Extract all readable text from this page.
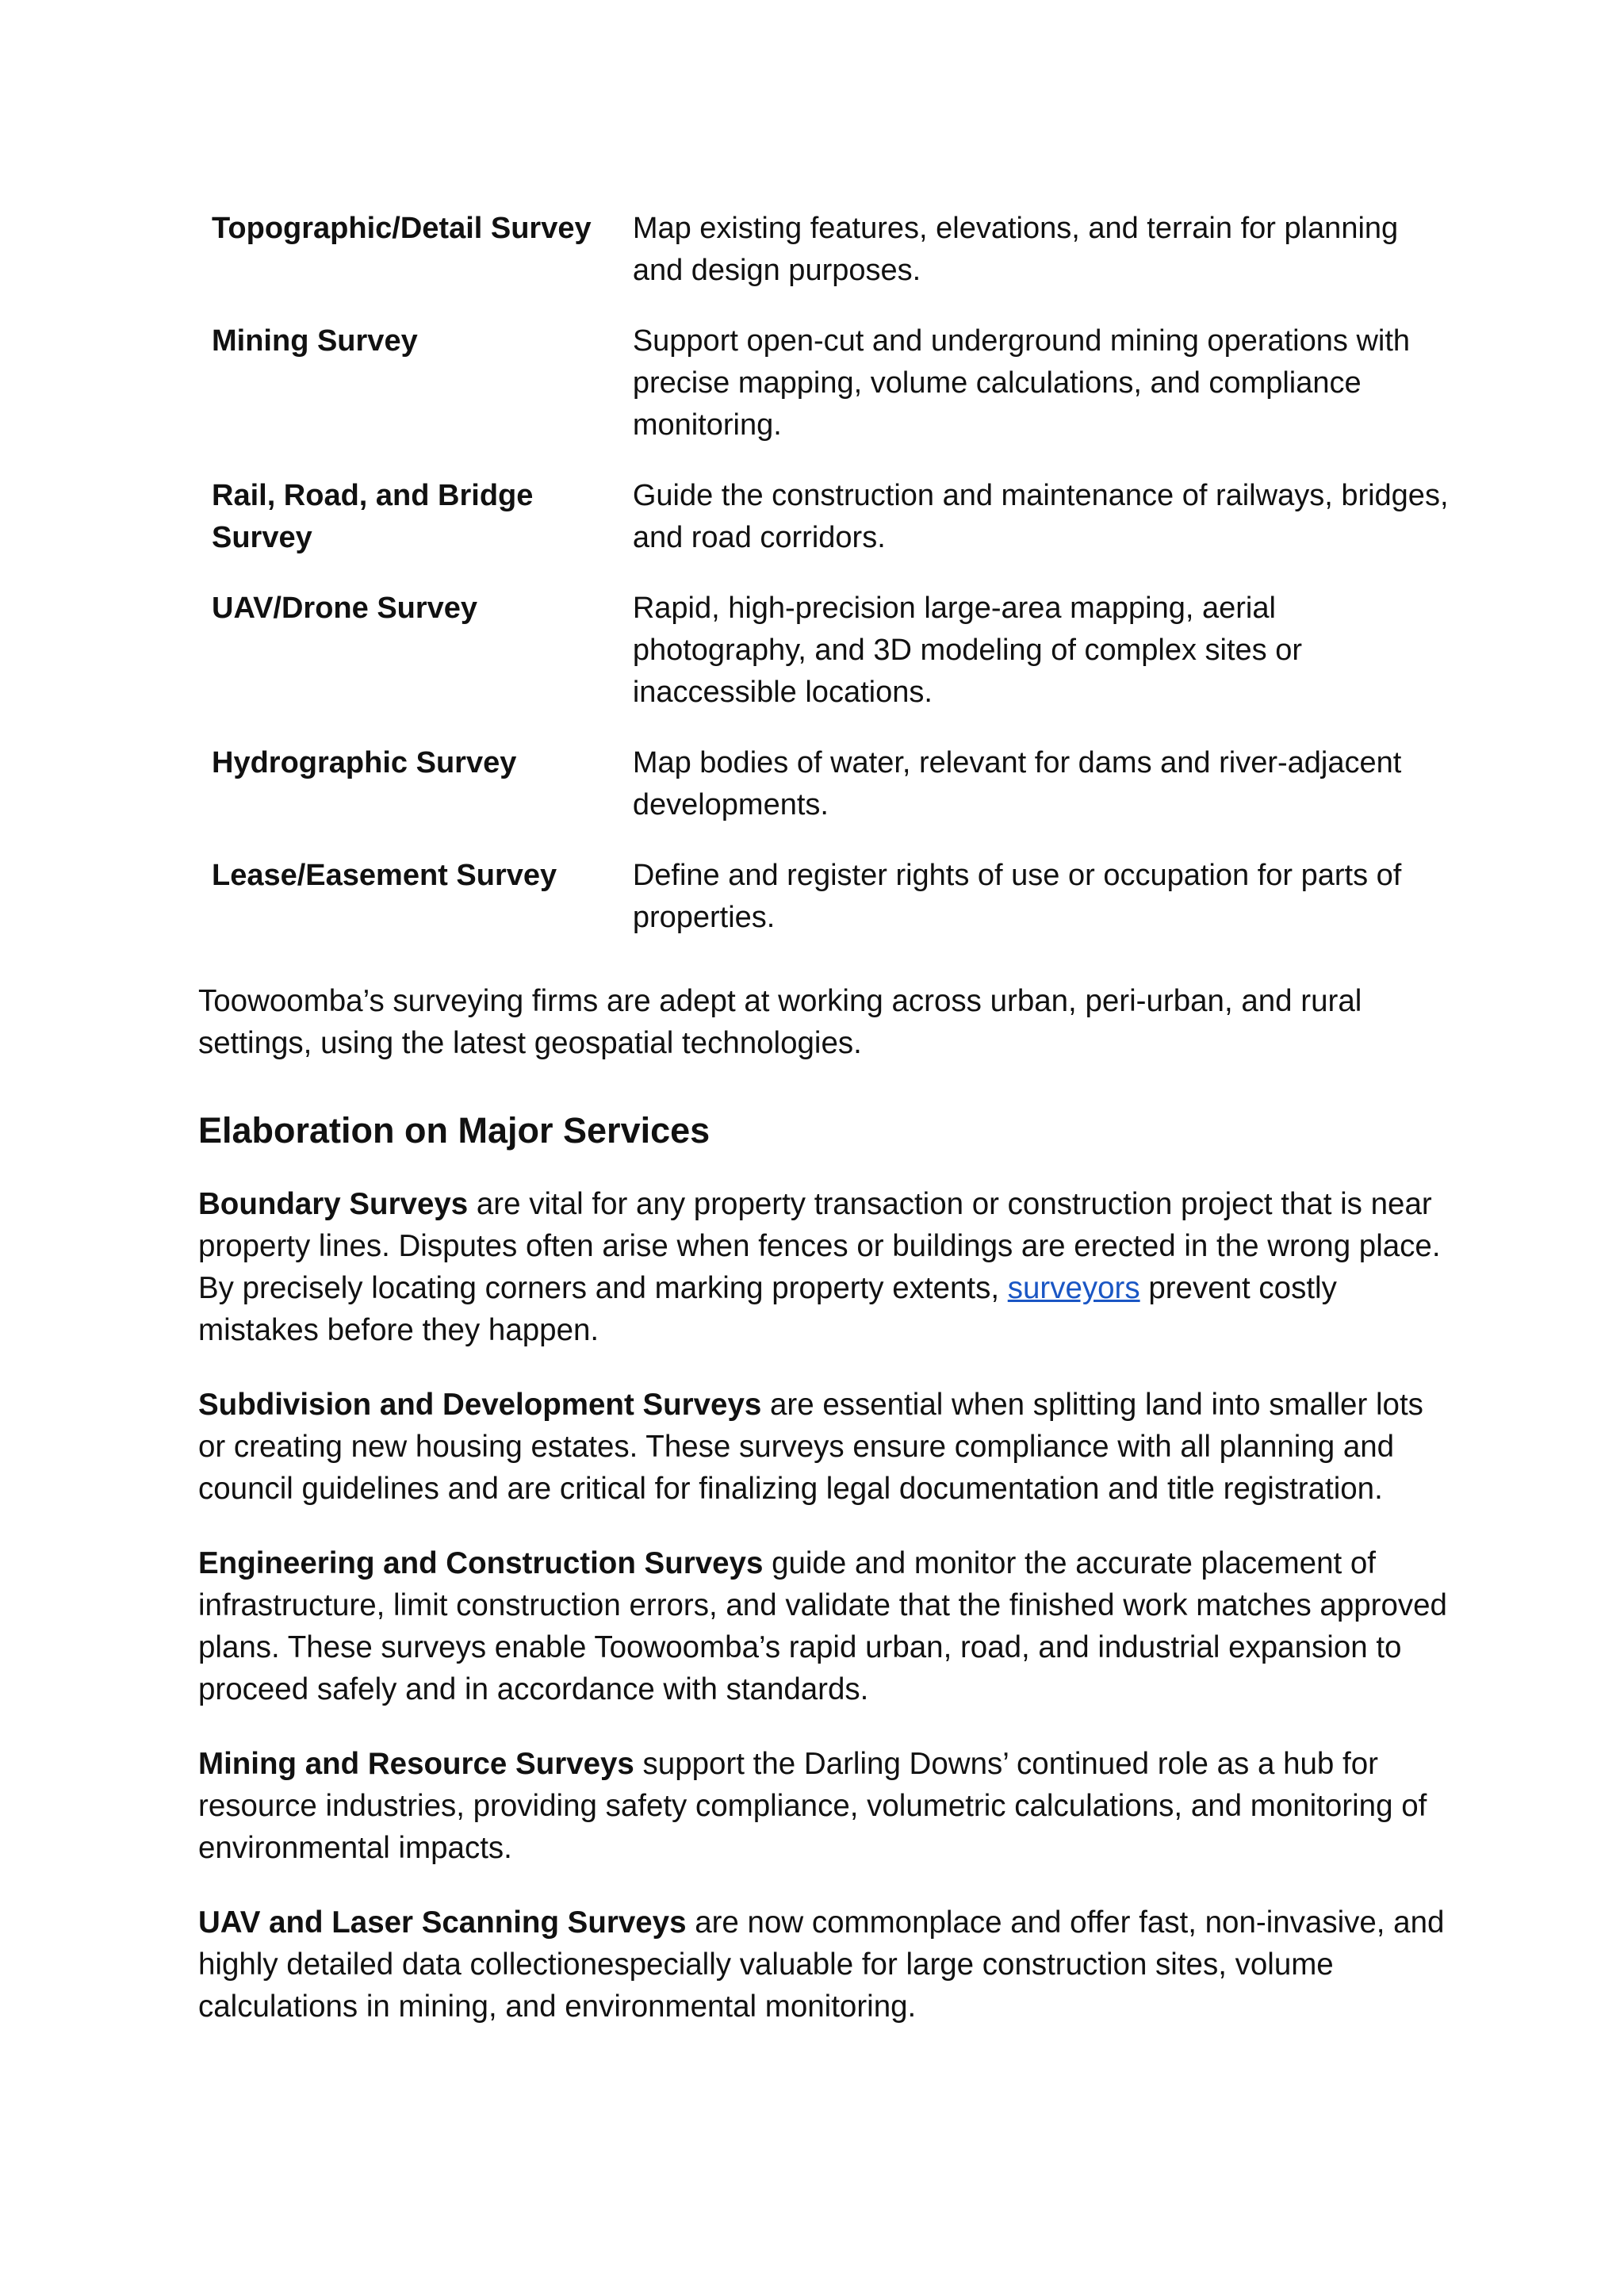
Topographic/Detail Survey	Map existing features, elevations, and terrain for planning and design purposes.
Mining Survey	Support open-cut and underground mining operations with precise mapping, volume calculations, and compliance monitoring.
Rail, Road, and Bridge Survey	Guide the construction and maintenance of railways, bridges, and road corridors.
UAV/Drone Survey	Rapid, high-precision large-area mapping, aerial photography, and 3D modeling of complex sites or inaccessible locations.
Hydrographic Survey	Map bodies of water, relevant for dams and river-adjacent developments.
Lease/Easement Survey	Define and register rights of use or occupation for parts of properties.

Toowoomba’s surveying firms are adept at working across urban, peri-urban, and rural settings, using the latest geospatial technologies.

Elaboration on Major Services

Boundary Surveys are vital for any property transaction or construction project that is near property lines. Disputes often arise when fences or buildings are erected in the wrong place. By precisely locating corners and marking property extents, surveyors prevent costly mistakes before they happen.

Subdivision and Development Surveys are essential when splitting land into smaller lots or creating new housing estates. These surveys ensure compliance with all planning and council guidelines and are critical for finalizing legal documentation and title registration.

Engineering and Construction Surveys guide and monitor the accurate placement of infrastructure, limit construction errors, and validate that the finished work matches approved plans. These surveys enable Toowoomba’s rapid urban, road, and industrial expansion to proceed safely and in accordance with standards.

Mining and Resource Surveys support the Darling Downs’ continued role as a hub for resource industries, providing safety compliance, volumetric calculations, and monitoring of environmental impacts.

UAV and Laser Scanning Surveys are now commonplace and offer fast, non-invasive, and highly detailed data collectionespecially valuable for large construction sites, volume calculations in mining, and environmental monitoring.
